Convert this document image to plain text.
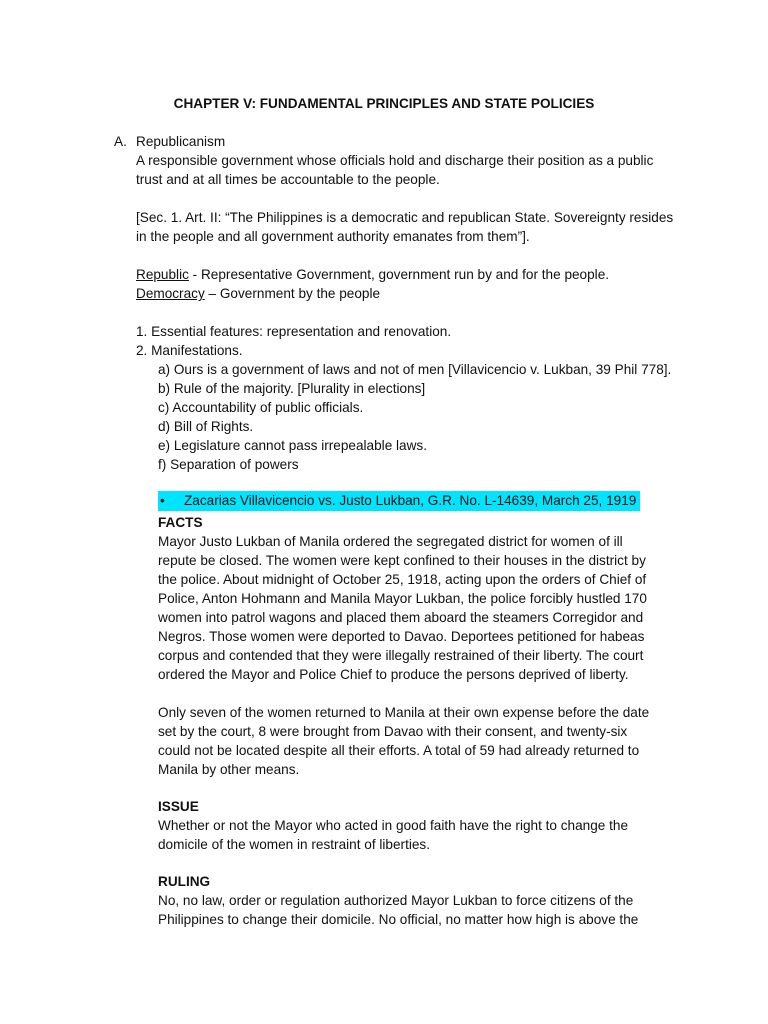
CHAPTER V: FUNDAMENTAL PRINCIPLES AND STATE POLICIES
A. Republicanism
A responsible government whose officials hold and discharge their position as a public
trust and at all times be accountable to the people.
[Sec. 1. Art. II: “The Philippines is a democratic and republican State. Sovereignty resides
in the people and all government authority emanates from them”].
Republic - Representative Government, government run by and for the people.
Democracy – Government by the people
1. Essential features: representation and renovation.
2. Manifestations.
a) Ours is a government of laws and not of men [Villavicencio v. Lukban, 39 Phil 778].
b) Rule of the majority. [Plurality in elections]
c) Accountability of public officials.
d) Bill of Rights.
e) Legislature cannot pass irrepealable laws.
f) Separation of powers
• Zacarias Villavicencio vs. Justo Lukban, G.R. No. L-14639, March 25, 1919
FACTS
Mayor Justo Lukban of Manila ordered the segregated district for women of ill
repute be closed. The women were kept confined to their houses in the district by
the police. About midnight of October 25, 1918, acting upon the orders of Chief of
Police, Anton Hohmann and Manila Mayor Lukban, the police forcibly hustled 170
women into patrol wagons and placed them aboard the steamers Corregidor and
Negros. Those women were deported to Davao. Deportees petitioned for habeas
corpus and contended that they were illegally restrained of their liberty. The court
ordered the Mayor and Police Chief to produce the persons deprived of liberty.
Only seven of the women returned to Manila at their own expense before the date
set by the court, 8 were brought from Davao with their consent, and twenty-six
could not be located despite all their efforts. A total of 59 had already returned to
Manila by other means.
ISSUE
Whether or not the Mayor who acted in good faith have the right to change the
domicile of the women in restraint of liberties.
RULING
No, no law, order or regulation authorized Mayor Lukban to force citizens of the
Philippines to change their domicile. No official, no matter how high is above the
